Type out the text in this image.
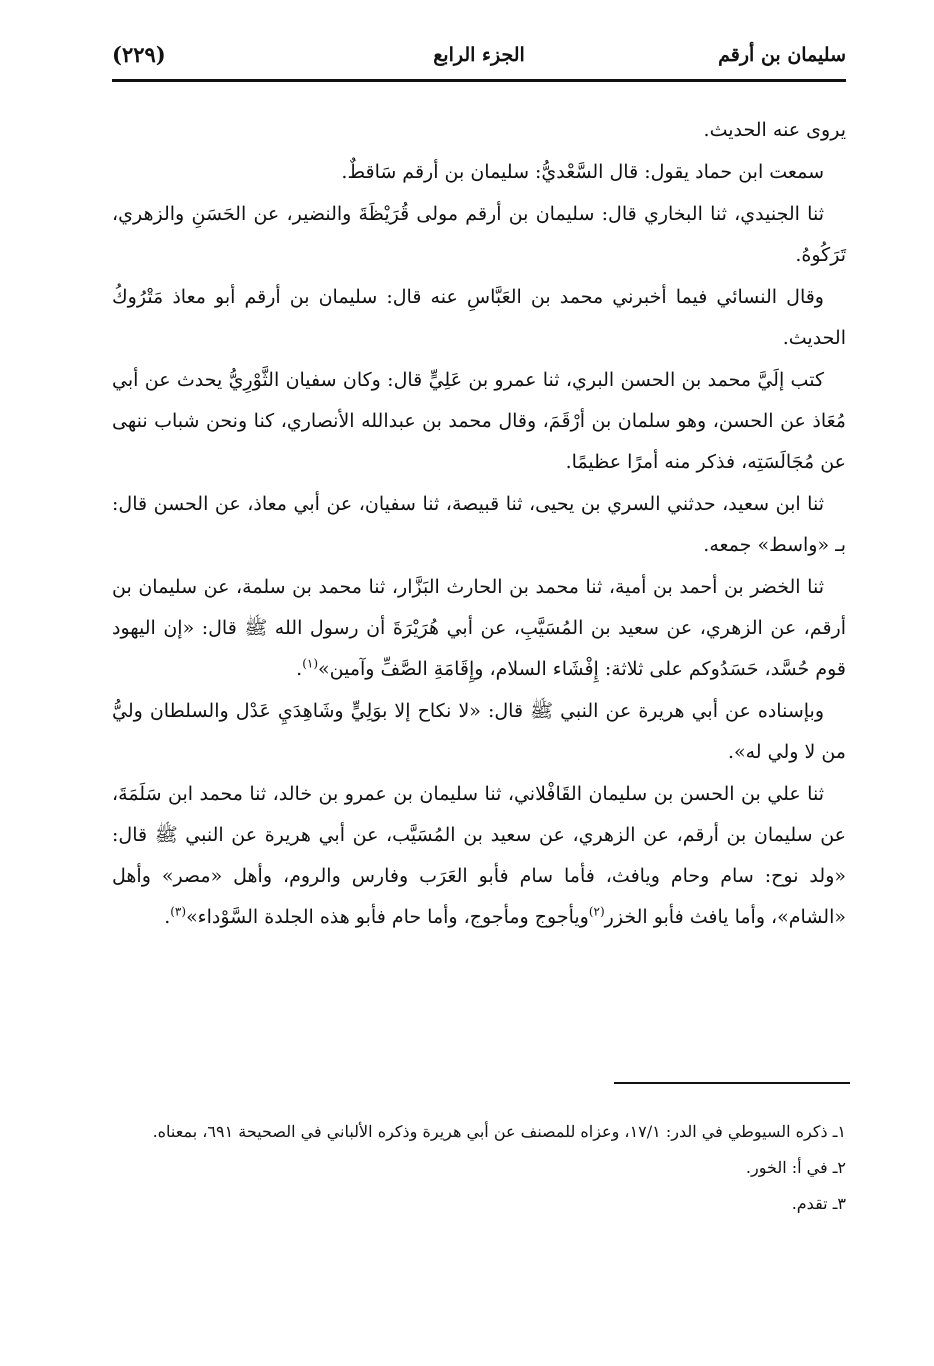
سليمان بن أرقم
الجزء الرابع
(٢٢٩)

يروى عنه الحديث.

سمعت ابن حماد يقول: قال السَّعْديُّ: سليمان بن أرقم سَاقطٌ.

ثنا الجنيدي، ثنا البخاري قال: سليمان بن أرقم مولى قُرَيْظَةَ والنضير، عن الحَسَنِ والزهري، تَرَكُوهُ.

وقال النسائي فيما أخبرني محمد بن العَبَّاسِ عنه قال: سليمان بن أرقم أبو معاذ مَتْرُوكُ الحديث.

كتب إلَيَّ محمد بن الحسن البري، ثنا عمرو بن عَلِيٍّ قال: وكان سفيان الثَّوْرِيُّ يحدث عن أبي مُعَاذ عن الحسن، وهو سلمان بن أرْقَمَ، وقال محمد بن عبدالله الأنصاري، كنا ونحن شباب ننهى عن مُجَالَسَتِه، فذكر منه أمرًا عظيمًا.

ثنا ابن سعيد، حدثني السري بن يحيى، ثنا قبيصة، ثنا سفيان، عن أبي معاذ، عن الحسن قال: بـ «واسط» جمعه.

ثنا الخضر بن أحمد بن أمية، ثنا محمد بن الحارث البَزَّار، ثنا محمد بن سلمة، عن سليمان بن أرقم، عن الزهري، عن سعيد بن المُسَيَّبِ، عن أبي هُرَيْرَةَ أن رسول الله ﷺ قال: «إن اليهود قوم حُسَّد، حَسَدُوكم على ثلاثة: إِفْشَاء السلام، وإِقَامَةِ الصَّفِّ وآمين»$^{(١)}$.

وبإسناده عن أبي هريرة عن النبي ﷺ قال: «لا نكاح إلا بوَلِيٍّ وشَاهِدَيِ عَدْل والسلطان وليُّ من لا ولي له».

ثنا علي بن الحسن بن سليمان القَافْلاني، ثنا سليمان بن عمرو بن خالد، ثنا محمد ابن سَلَمَةَ، عن سليمان بن أرقم، عن الزهري، عن سعيد بن المُسَيَّب، عن أبي هريرة عن النبي ﷺ قال: «ولد نوح: سام وحام ويافث، فأما سام فأبو العَرَب وفارس والروم، وأهل «مصر» وأهل «الشام»، وأما يافث فأبو الخزر$^{(٢)}$ويأجوج ومأجوج، وأما حام فأبو هذه الجلدة السَّوْداء»$^{(٣)}$.

١ـ ذكره السيوطي في الدر: ١٧/١، وعزاه للمصنف عن أبي هريرة وذكره الألباني في الصحيحة ٦٩١، بمعناه.

٢ـ في أ: الخور.

٣ـ تقدم.
